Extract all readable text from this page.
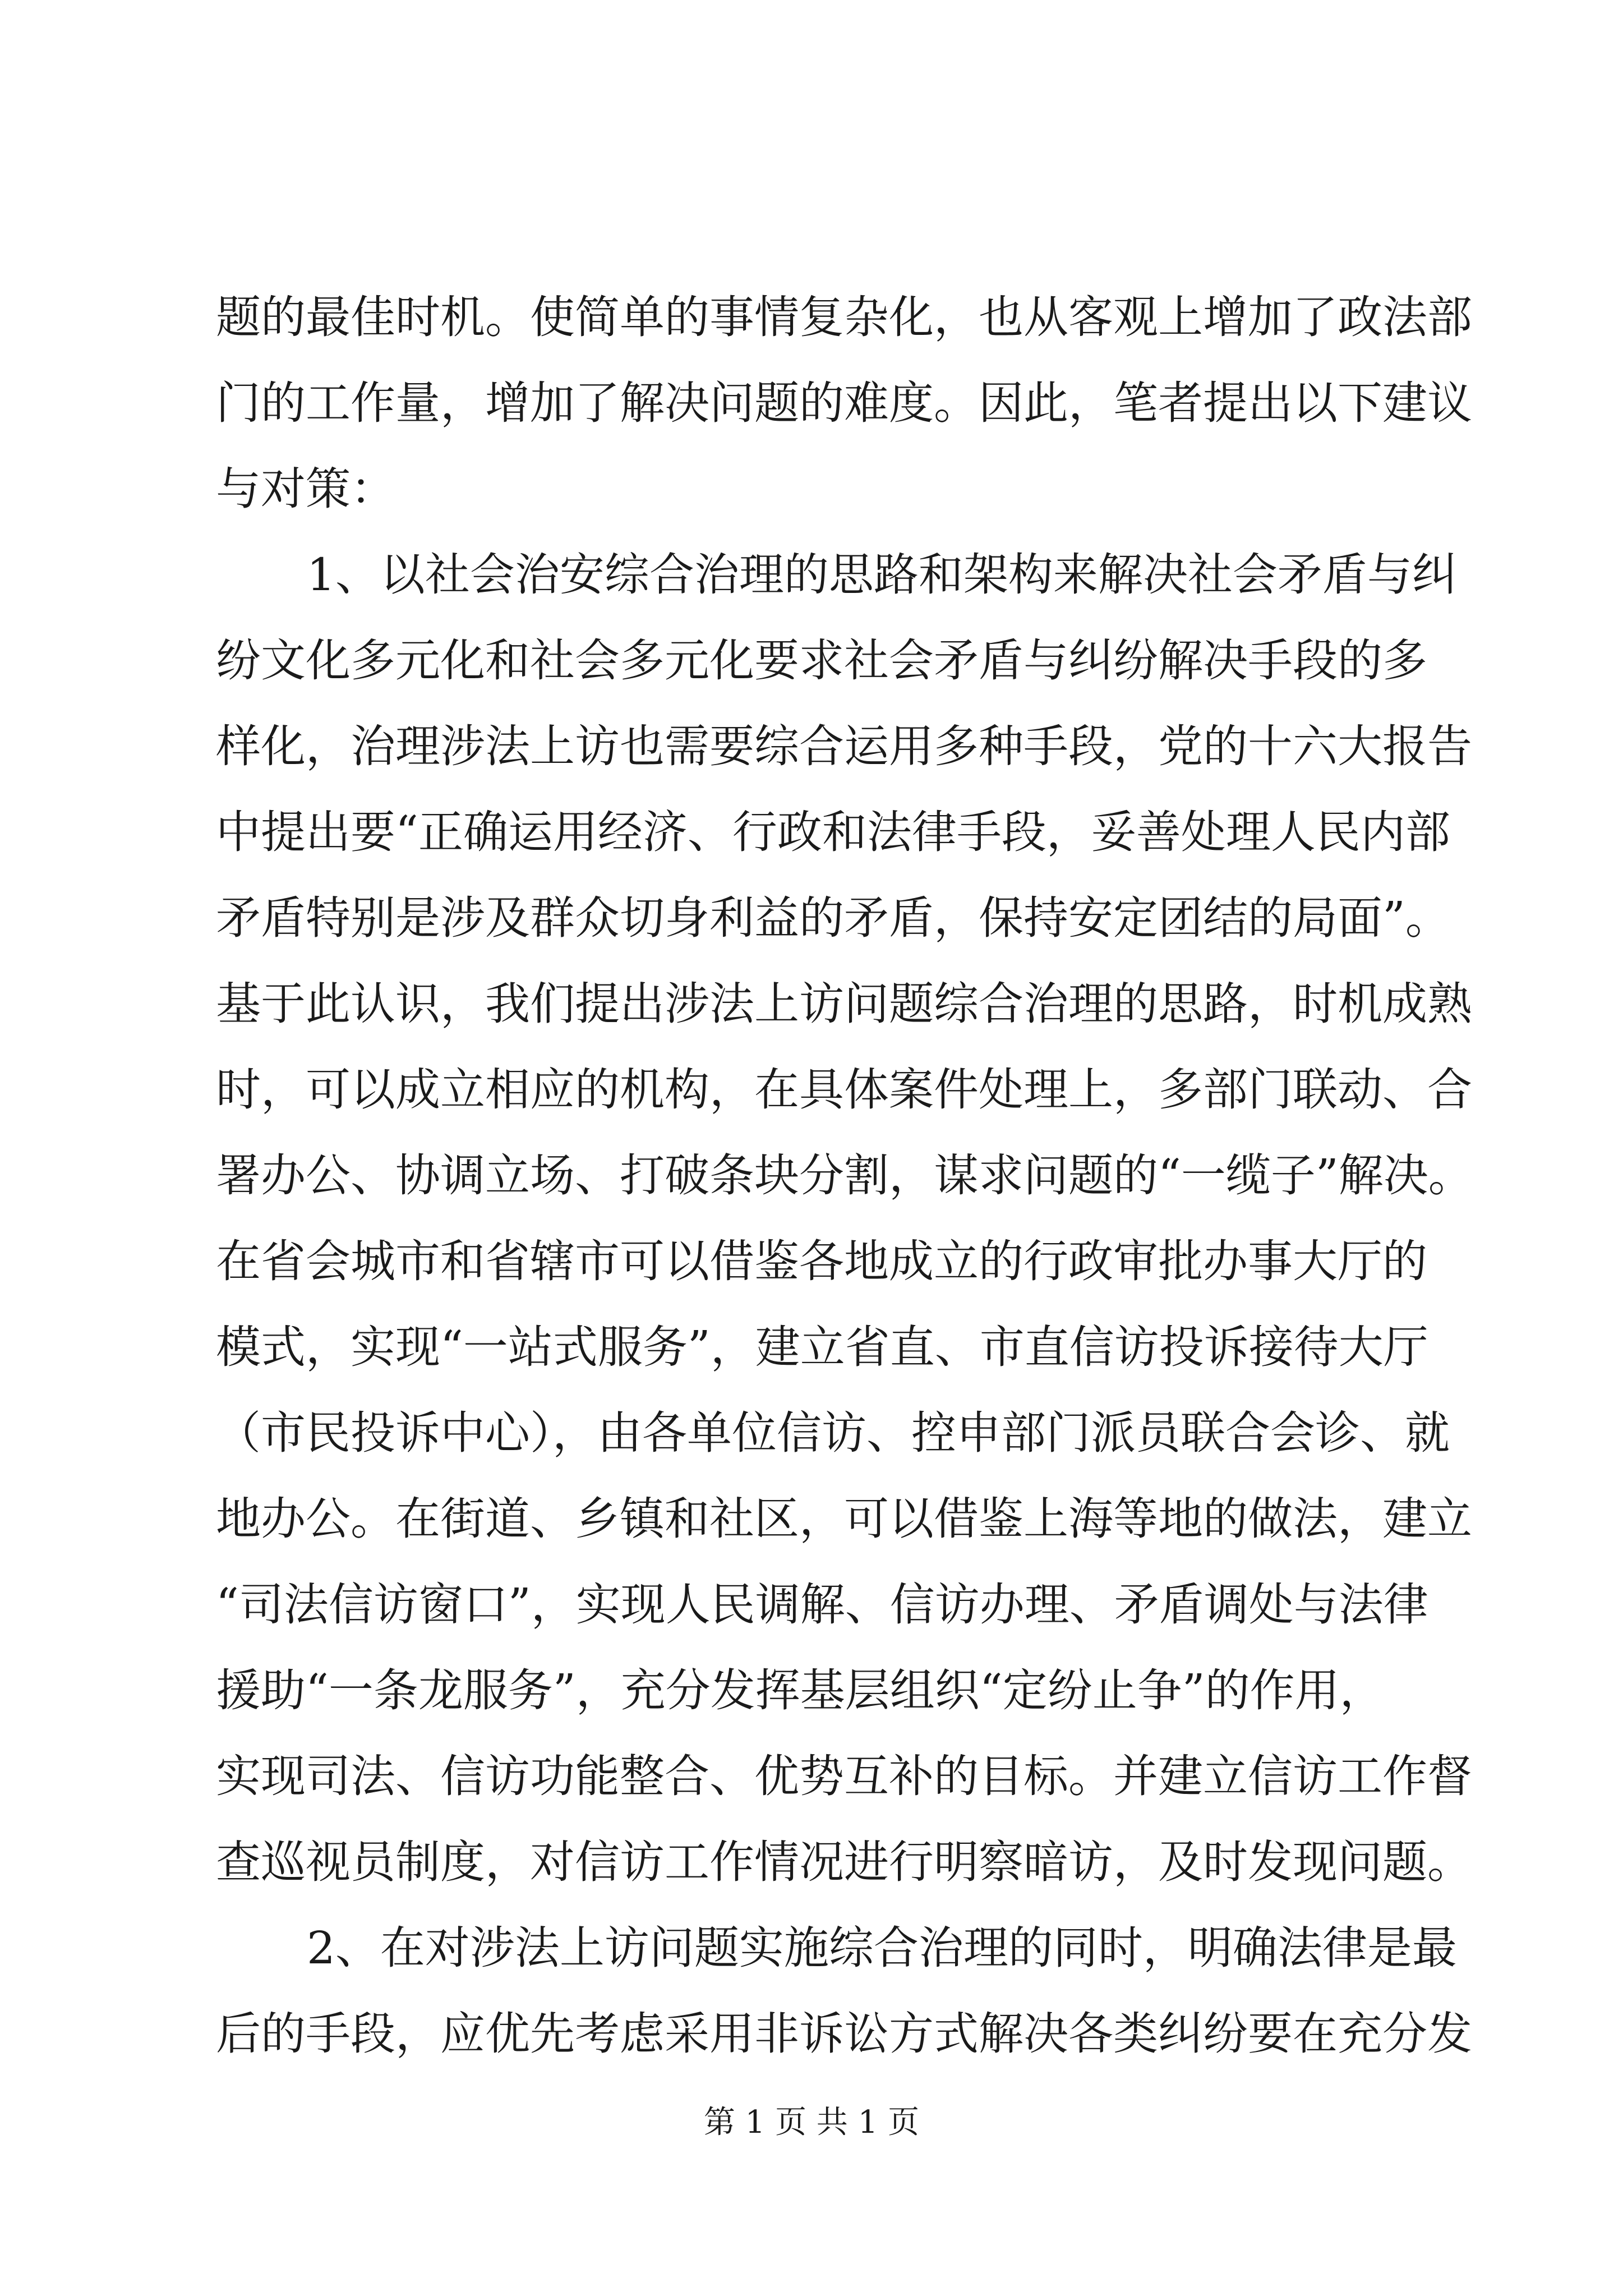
题的最佳时机。使简单的事情复杂化，也从客观上增加了政法部
门的工作量，增加了解决问题的难度。因此，笔者提出以下建议
与对策：
1、以社会治安综合治理的思路和架构来解决社会矛盾与纠
纷文化多元化和社会多元化要求社会矛盾与纠纷解决手段的多
样化，治理涉法上访也需要综合运用多种手段，党的十六大报告
中提出要“正确运用经济、行政和法律手段，妥善处理人民内部
矛盾特别是涉及群众切身利益的矛盾，保持安定团结的局面”。
基于此认识，我们提出涉法上访问题综合治理的思路，时机成熟
时，可以成立相应的机构，在具体案件处理上，多部门联动、合
署办公、协调立场、打破条块分割，谋求问题的“一缆子”解决。
在省会城市和省辖市可以借鉴各地成立的行政审批办事大厅的
模式，实现“一站式服务”，建立省直、市直信访投诉接待大厅
（市民投诉中心），由各单位信访、控申部门派员联合会诊、就
地办公。在街道、乡镇和社区，可以借鉴上海等地的做法，建立
“司法信访窗口”，实现人民调解、信访办理、矛盾调处与法律
援助“一条龙服务”，充分发挥基层组织“定纷止争”的作用，
实现司法、信访功能整合、优势互补的目标。并建立信访工作督
查巡视员制度，对信访工作情况进行明察暗访，及时发现问题。
2、在对涉法上访问题实施综合治理的同时，明确法律是最
后的手段，应优先考虑采用非诉讼方式解决各类纠纷要在充分发
第 1 页 共 1 页
